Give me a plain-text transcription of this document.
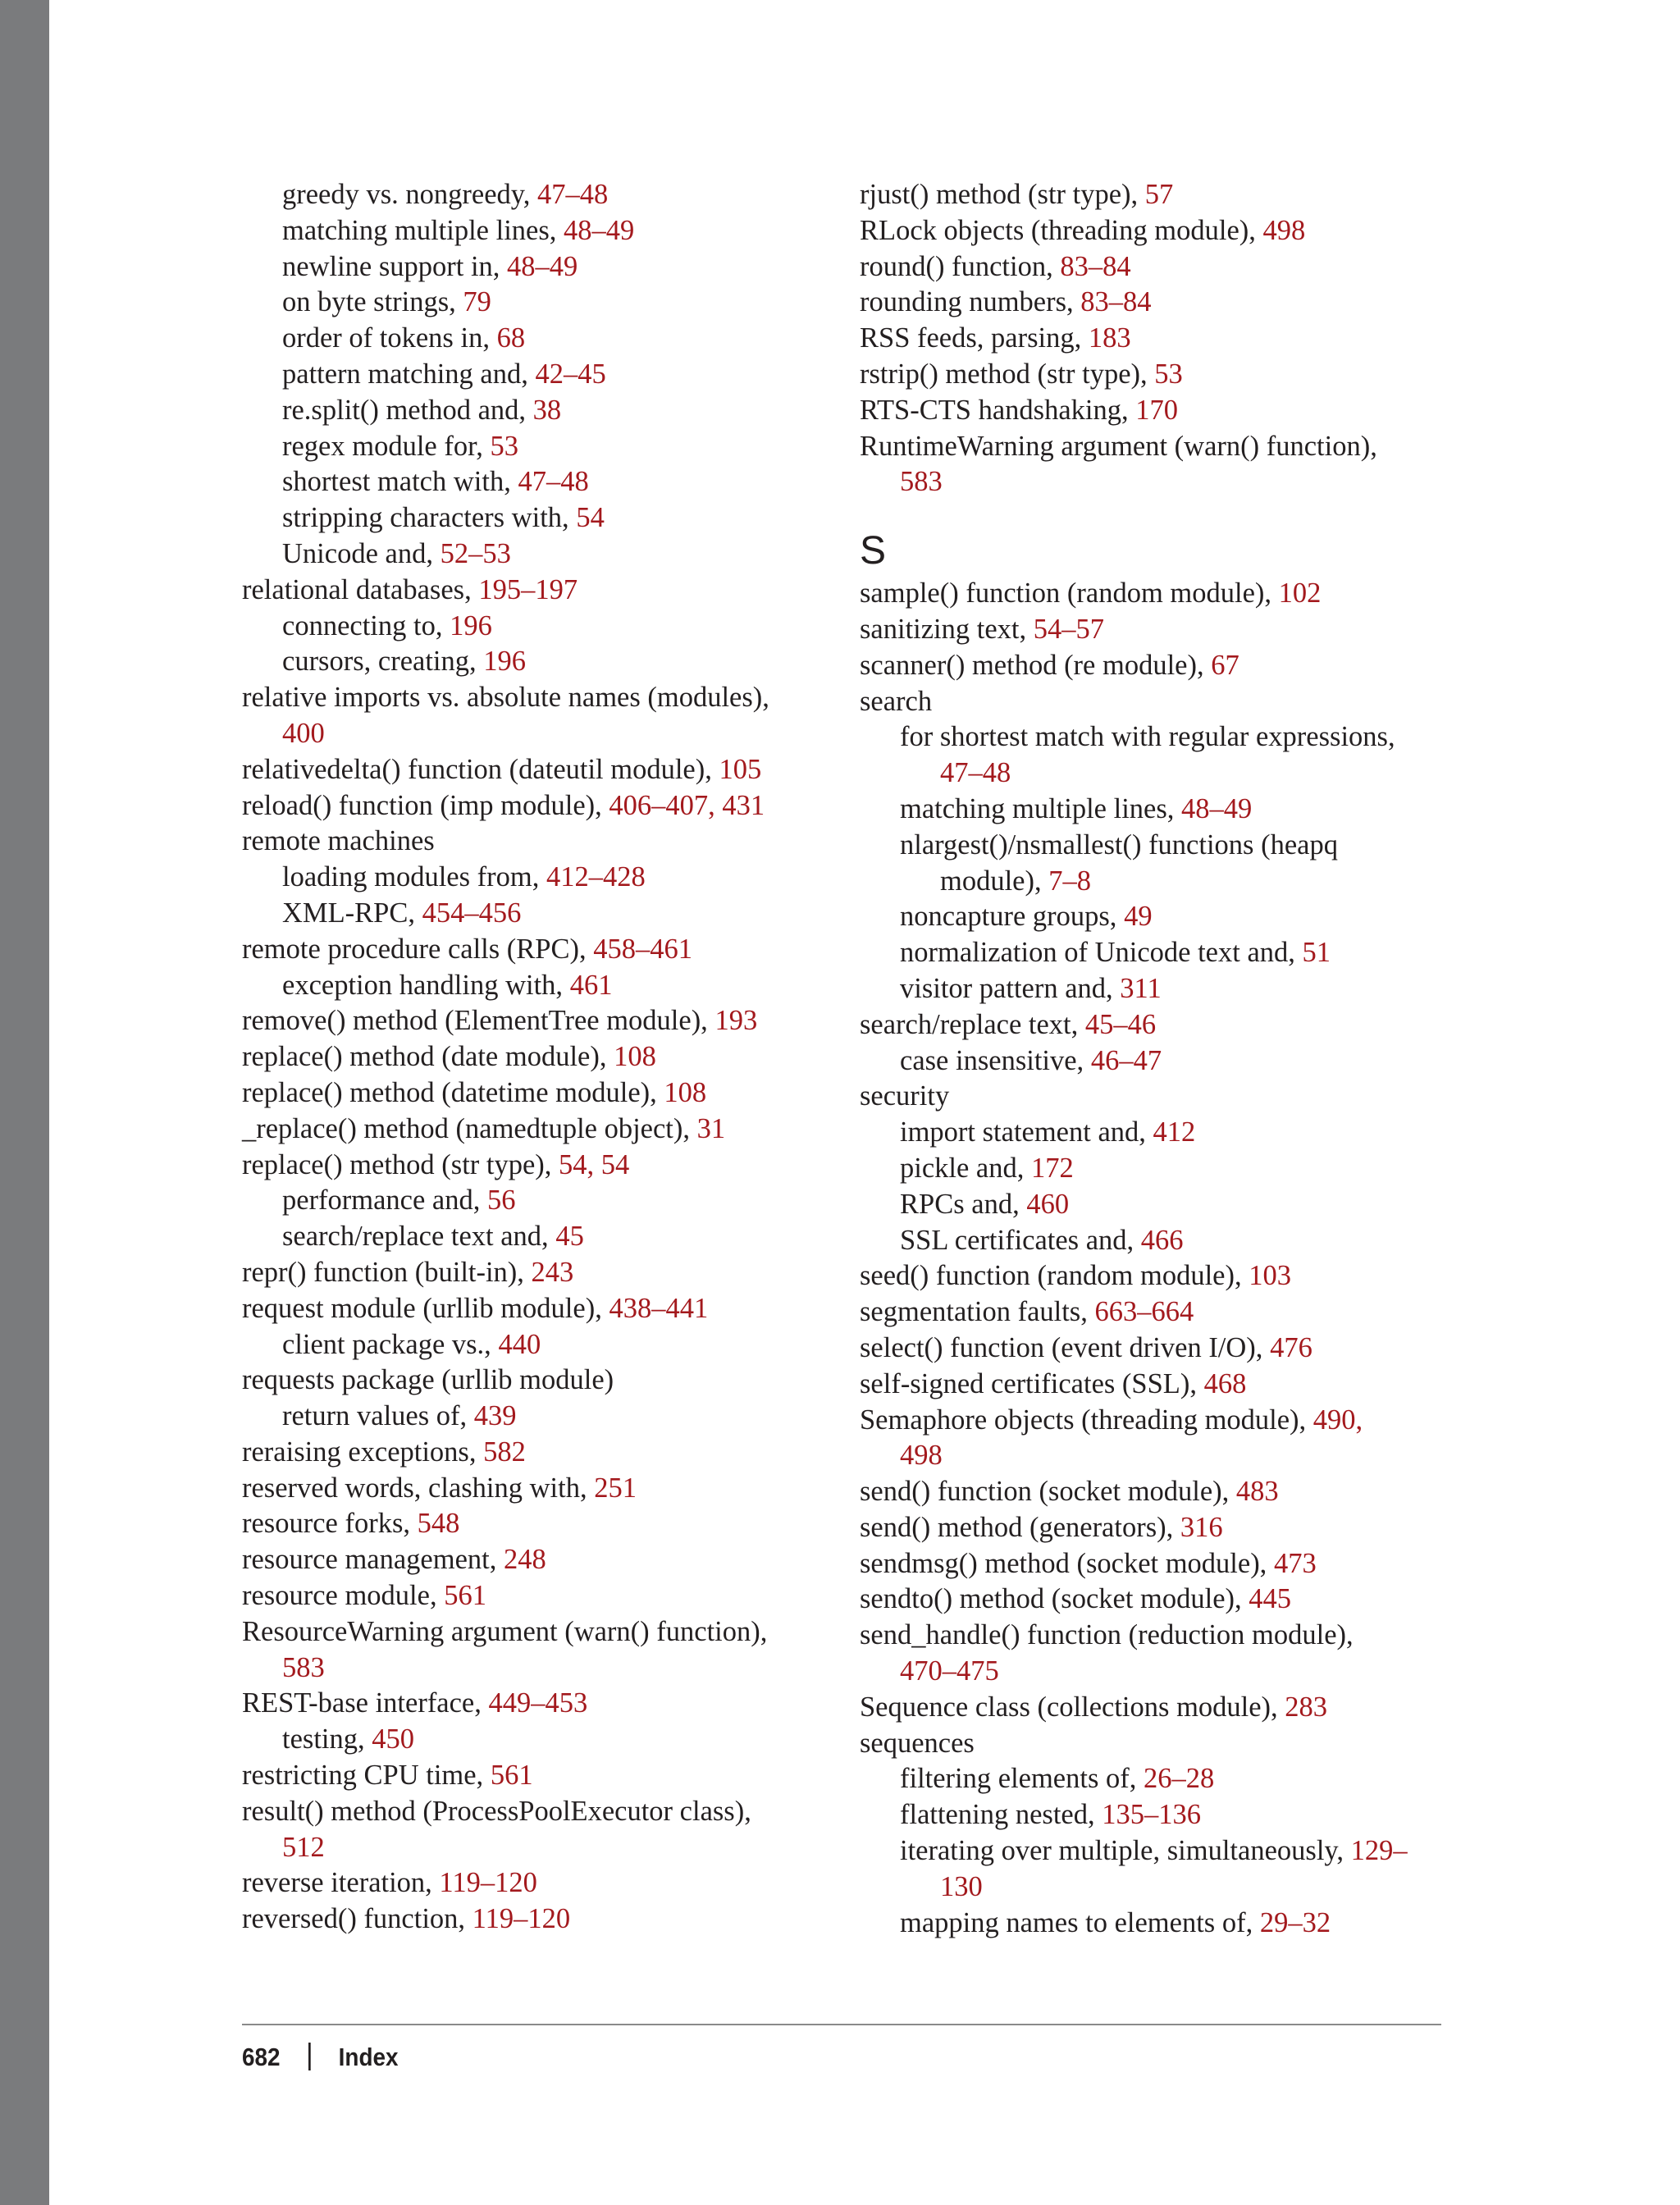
greedy vs. nongreedy, 47–48
matching multiple lines, 48–49
newline support in, 48–49
on byte strings, 79
order of tokens in, 68
pattern matching and, 42–45
re.split() method and, 38
regex module for, 53
shortest match with, 47–48
stripping characters with, 54
Unicode and, 52–53
relational databases, 195–197
connecting to, 196
cursors, creating, 196
relative imports vs. absolute names (modules),
400
relativedelta() function (dateutil module), 105
reload() function (imp module), 406–407, 431
remote machines
loading modules from, 412–428
XML-RPC, 454–456
remote procedure calls (RPC), 458–461
exception handling with, 461
remove() method (ElementTree module), 193
replace() method (date module), 108
replace() method (datetime module), 108
_replace() method (namedtuple object), 31
replace() method (str type), 54, 54
performance and, 56
search/replace text and, 45
repr() function (built-in), 243
request module (urllib module), 438–441
client package vs., 440
requests package (urllib module)
return values of, 439
reraising exceptions, 582
reserved words, clashing with, 251
resource forks, 548
resource management, 248
resource module, 561
ResourceWarning argument (warn() function),
583
REST-base interface, 449–453
testing, 450
restricting CPU time, 561
result() method (ProcessPoolExecutor class),
512
reverse iteration, 119–120
reversed() function, 119–120
rjust() method (str type), 57
RLock objects (threading module), 498
round() function, 83–84
rounding numbers, 83–84
RSS feeds, parsing, 183
rstrip() method (str type), 53
RTS-CTS handshaking, 170
RuntimeWarning argument (warn() function),
583
S
sample() function (random module), 102
sanitizing text, 54–57
scanner() method (re module), 67
search
for shortest match with regular expressions,
47–48
matching multiple lines, 48–49
nlargest()/nsmallest() functions (heapq
module), 7–8
noncapture groups, 49
normalization of Unicode text and, 51
visitor pattern and, 311
search/replace text, 45–46
case insensitive, 46–47
security
import statement and, 412
pickle and, 172
RPCs and, 460
SSL certificates and, 466
seed() function (random module), 103
segmentation faults, 663–664
select() function (event driven I/O), 476
self-signed certificates (SSL), 468
Semaphore objects (threading module), 490,
498
send() function (socket module), 483
send() method (generators), 316
sendmsg() method (socket module), 473
sendto() method (socket module), 445
send_handle() function (reduction module),
470–475
Sequence class (collections module), 283
sequences
filtering elements of, 26–28
flattening nested, 135–136
iterating over multiple, simultaneously, 129–
130
mapping names to elements of, 29–32
682 Index
